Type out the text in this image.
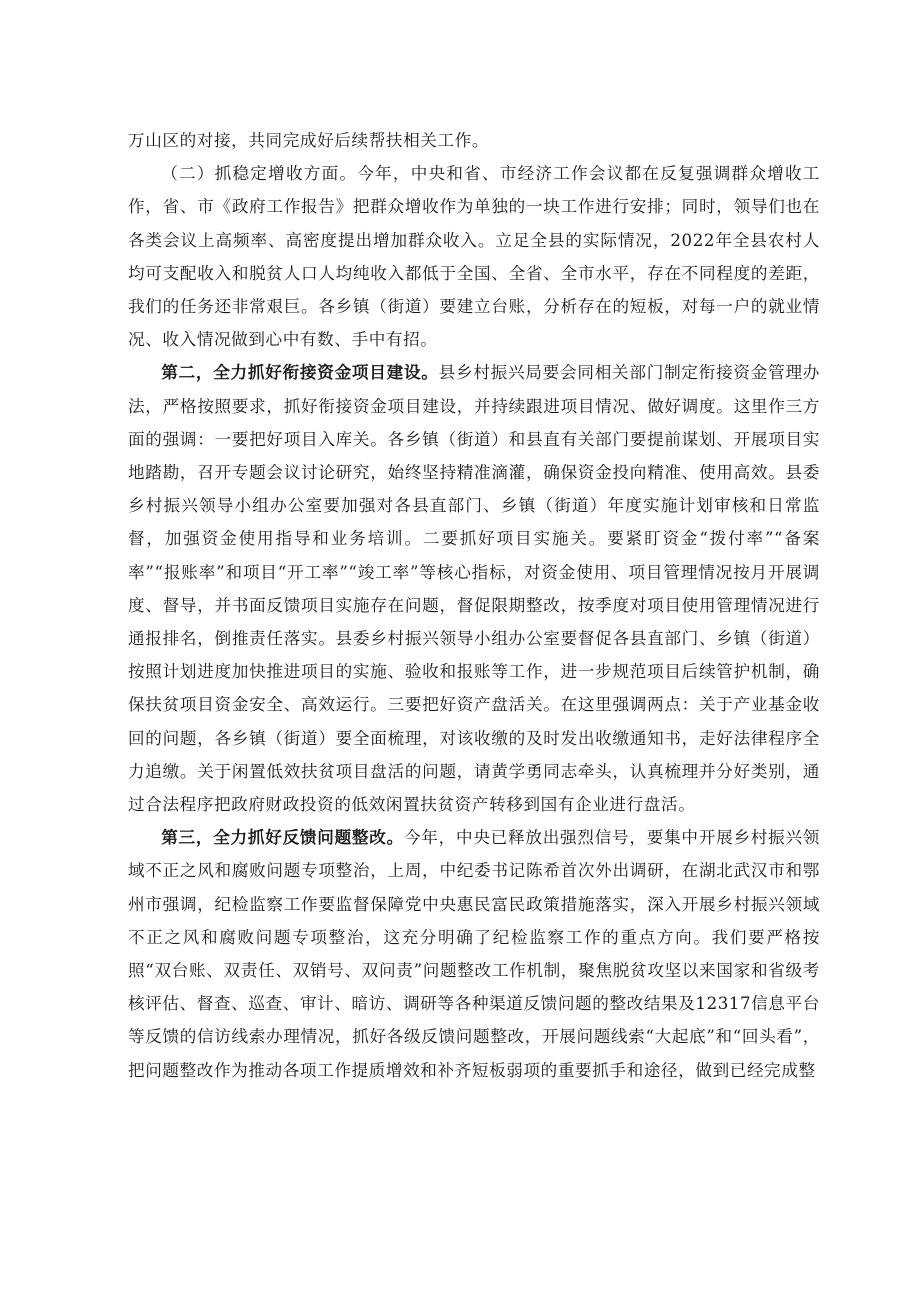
万山区的对接，共同完成好后续帮扶相关工作。

（二）抓稳定增收方面。今年，中央和省、市经济工作会议都在反复强调群众增收工作，省、市《政府工作报告》把群众增收作为单独的一块工作进行安排；同时，领导们也在各类会议上高频率、高密度提出增加群众收入。立足全县的实际情况，2022年全县农村人均可支配收入和脱贫人口人均纯收入都低于全国、全省、全市水平，存在不同程度的差距，我们的任务还非常艰巨。各乡镇（街道）要建立台账，分析存在的短板，对每一户的就业情况、收入情况做到心中有数、手中有招。

第二，全力抓好衔接资金项目建设。县乡村振兴局要会同相关部门制定衔接资金管理办法，严格按照要求，抓好衔接资金项目建设，并持续跟进项目情况、做好调度。这里作三方面的强调：一要把好项目入库关。各乡镇（街道）和县直有关部门要提前谋划、开展项目实地踏勘，召开专题会议讨论研究，始终坚持精准滴灌，确保资金投向精准、使用高效。县委乡村振兴领导小组办公室要加强对各县直部门、乡镇（街道）年度实施计划审核和日常监督，加强资金使用指导和业务培训。二要抓好项目实施关。要紧盯资金“拨付率”“备案率”“报账率”和项目“开工率”“竣工率”等核心指标，对资金使用、项目管理情况按月开展调度、督导，并书面反馈项目实施存在问题，督促限期整改，按季度对项目使用管理情况进行通报排名，倒推责任落实。县委乡村振兴领导小组办公室要督促各县直部门、乡镇（街道）按照计划进度加快推进项目的实施、验收和报账等工作，进一步规范项目后续管护机制，确保扶贫项目资金安全、高效运行。三要把好资产盘活关。在这里强调两点：关于产业基金收回的问题，各乡镇（街道）要全面梳理，对该收缴的及时发出收缴通知书，走好法律程序全力追缴。关于闲置低效扶贫项目盘活的问题，请黄学勇同志牵头，认真梳理并分好类别，通过合法程序把政府财政投资的低效闲置扶贫资产转移到国有企业进行盘活。

第三，全力抓好反馈问题整改。今年，中央已释放出强烈信号，要集中开展乡村振兴领域不正之风和腐败问题专项整治，上周，中纪委书记陈希首次外出调研，在湖北武汉市和鄂州市强调，纪检监察工作要监督保障党中央惠民富民政策措施落实，深入开展乡村振兴领域不正之风和腐败问题专项整治，这充分明确了纪检监察工作的重点方向。我们要严格按照“双台账、双责任、双销号、双问责”问题整改工作机制，聚焦脱贫攻坚以来国家和省级考核评估、督查、巡查、审计、暗访、调研等各种渠道反馈问题的整改结果及12317信息平台等反馈的信访线索办理情况，抓好各级反馈问题整改，开展问题线索“大起底”和“回头看”，把问题整改作为推动各项工作提质增效和补齐短板弱项的重要抓手和途径，做到已经完成整
